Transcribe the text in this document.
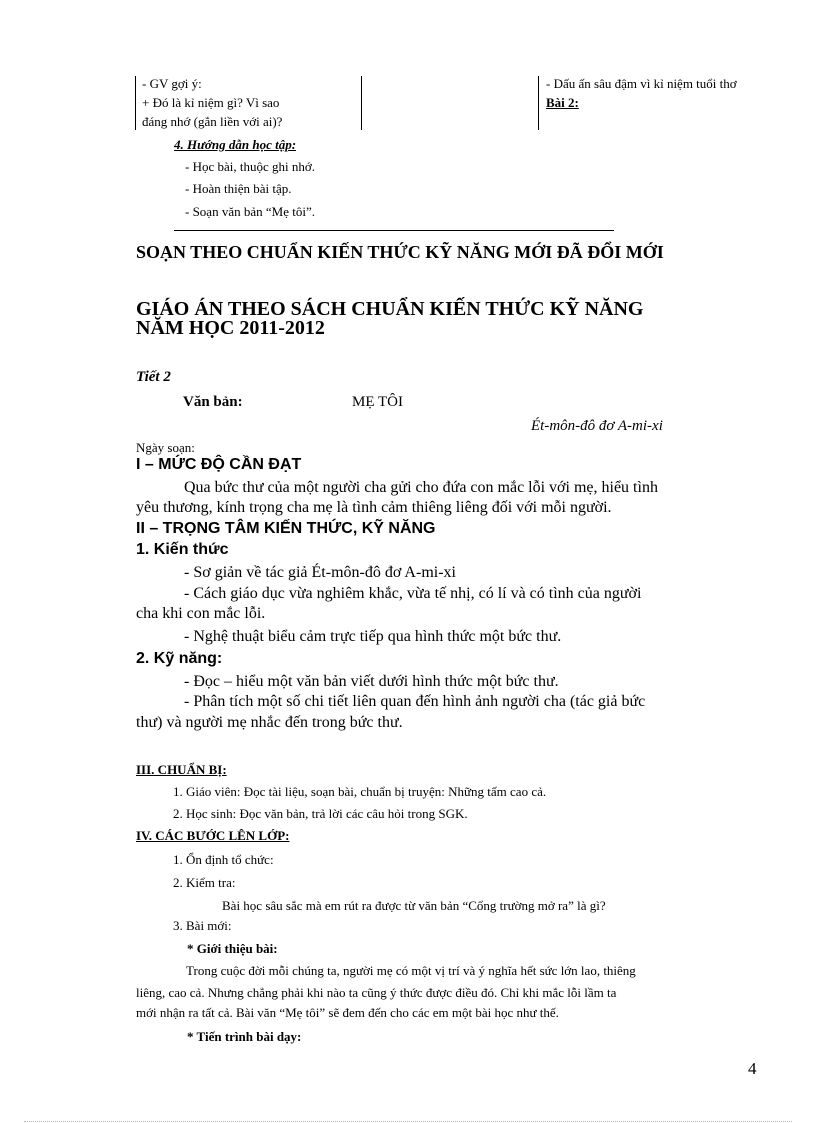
- GV gợi ý:
+ Đó là kỉ niệm gì? Vì sao
đáng nhớ (gắn liền với ai)?
- Dấu ấn sâu đậm vì kỉ niệm tuổi thơ
Bài 2:
4. Hướng dẫn học tập:
- Học bài, thuộc ghi nhớ.
- Hoàn thiện bài tập.
- Soạn văn bản “Mẹ tôi”.
SOẠN THEO CHUẨN KIẾN THỨC KỸ NĂNG MỚI ĐÃ ĐỔI MỚI
GIÁO ÁN THEO SÁCH CHUẨN KIẾN THỨC KỸ NĂNG
NĂM HỌC 2011-2012
Tiết 2
Văn bản:	MẸ TÔI
Ét-môn-đô đơ A-mi-xi
Ngày soạn:
I – MỨC ĐỘ CẦN ĐẠT
Qua bức thư của một người cha gửi cho đứa con mắc lỗi với mẹ, hiểu tình
yêu thương, kính trọng cha mẹ là tình cảm thiêng liêng đối với mỗi người.
II – TRỌNG TÂM KIẾN THỨC, KỸ NĂNG
1. Kiến thức
- Sơ giản về tác giả Ét-môn-đô đơ A-mi-xi
- Cách giáo dục vừa nghiêm khắc, vừa tế nhị, có lí và có tình của người
cha khi con mắc lỗi.
- Nghệ thuật biểu cảm trực tiếp qua hình thức một bức thư.
2. Kỹ năng:
- Đọc – hiểu một văn bản viết dưới hình thức một bức thư.
- Phân tích một số chi tiết liên quan đến hình ảnh người cha (tác giả bức
thư) và người mẹ nhắc đến trong bức thư.
III. CHUẨN BỊ:
1. Giáo viên: Đọc tài liệu, soạn bài, chuẩn bị truyện: Những tấm cao cả.
2. Học sinh: Đọc văn bản, trả lời các câu hỏi trong SGK.
IV. CÁC BƯỚC LÊN LỚP:
1. Ổn định tổ chức:
2. Kiểm tra:
Bài học sâu sắc mà em rút ra được từ văn bản “Cổng trường mở ra” là gì?
3. Bài mới:
* Giới thiệu bài:
Trong cuộc đời mỗi chúng ta, người mẹ có một vị trí và ý nghĩa hết sức lớn lao, thiêng
liêng, cao cả. Nhưng chẳng phải khi nào ta cũng ý thức được điều đó. Chỉ khi mắc lỗi lầm ta
mới nhận ra tất cả. Bài văn “Mẹ tôi” sẽ đem đến cho các em một bài học như thế.
* Tiến trình bài dạy:
4
